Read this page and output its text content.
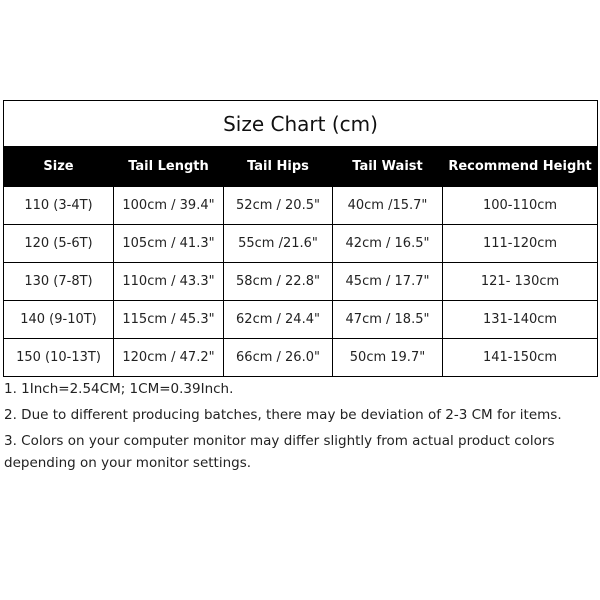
Size Chart (cm)				
Size	Tail Length	Tail Hips	Tail Waist	Recommend Height
110 (3-4T)	100cm / 39.4"	52cm / 20.5"	40cm /15.7"	100-110cm
120 (5-6T)	105cm / 41.3"	55cm /21.6"	42cm / 16.5"	111-120cm
130 (7-8T)	110cm / 43.3"	58cm / 22.8"	45cm / 17.7"	121- 130cm
140 (9-10T)	115cm / 45.3"	62cm / 24.4"	47cm / 18.5"	131-140cm
150 (10-13T)	120cm / 47.2"	66cm / 26.0"	50cm 19.7"	141-150cm
1. 1Inch=2.54CM; 1CM=0.39Inch.
2. Due to different producing batches, there may be deviation of 2-3 CM for items.
3. Colors on your computer monitor may differ slightly from actual product colors depending on your monitor settings.
